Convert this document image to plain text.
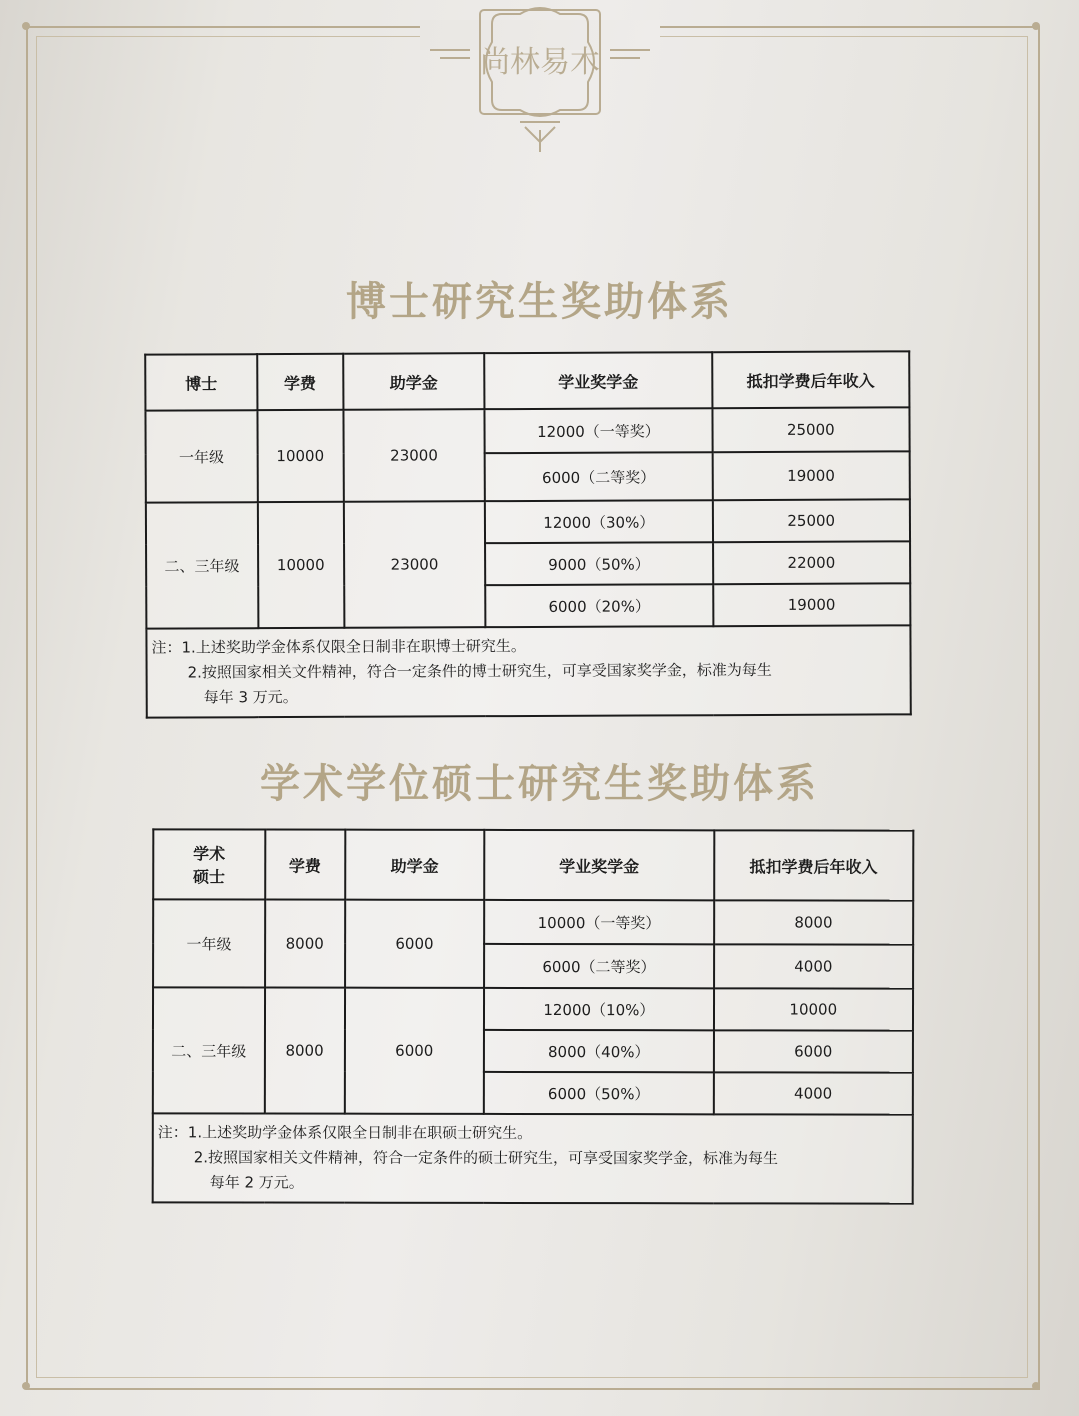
尚林易木
博士研究生奖助体系
博士	学费	助学金	学业奖学金	抵扣学费后年收入
一年级	10000	23000	12000（一等奖）	25000
			6000（二等奖）	19000
二、三年级	10000	23000	12000（30%）	25000
			9000（50%）	22000
			6000（20%）	19000

注：1.上述奖助学金体系仅限全日制非在职博士研究生。
2.按照国家相关文件精神，符合一定条件的博士研究生，可享受国家奖学金，标准为每生
每年 3 万元。				
学术学位硕士研究生奖助体系
学术
硕士	学费	助学金	学业奖学金	抵扣学费后年收入
一年级	8000	6000	10000（一等奖）	8000
			6000（二等奖）	4000
二、三年级	8000	6000	12000（10%）	10000
			8000（40%）	6000
			6000（50%）	4000

注：1.上述奖助学金体系仅限全日制非在职硕士研究生。
2.按照国家相关文件精神，符合一定条件的硕士研究生，可享受国家奖学金，标准为每生
每年 2 万元。				
